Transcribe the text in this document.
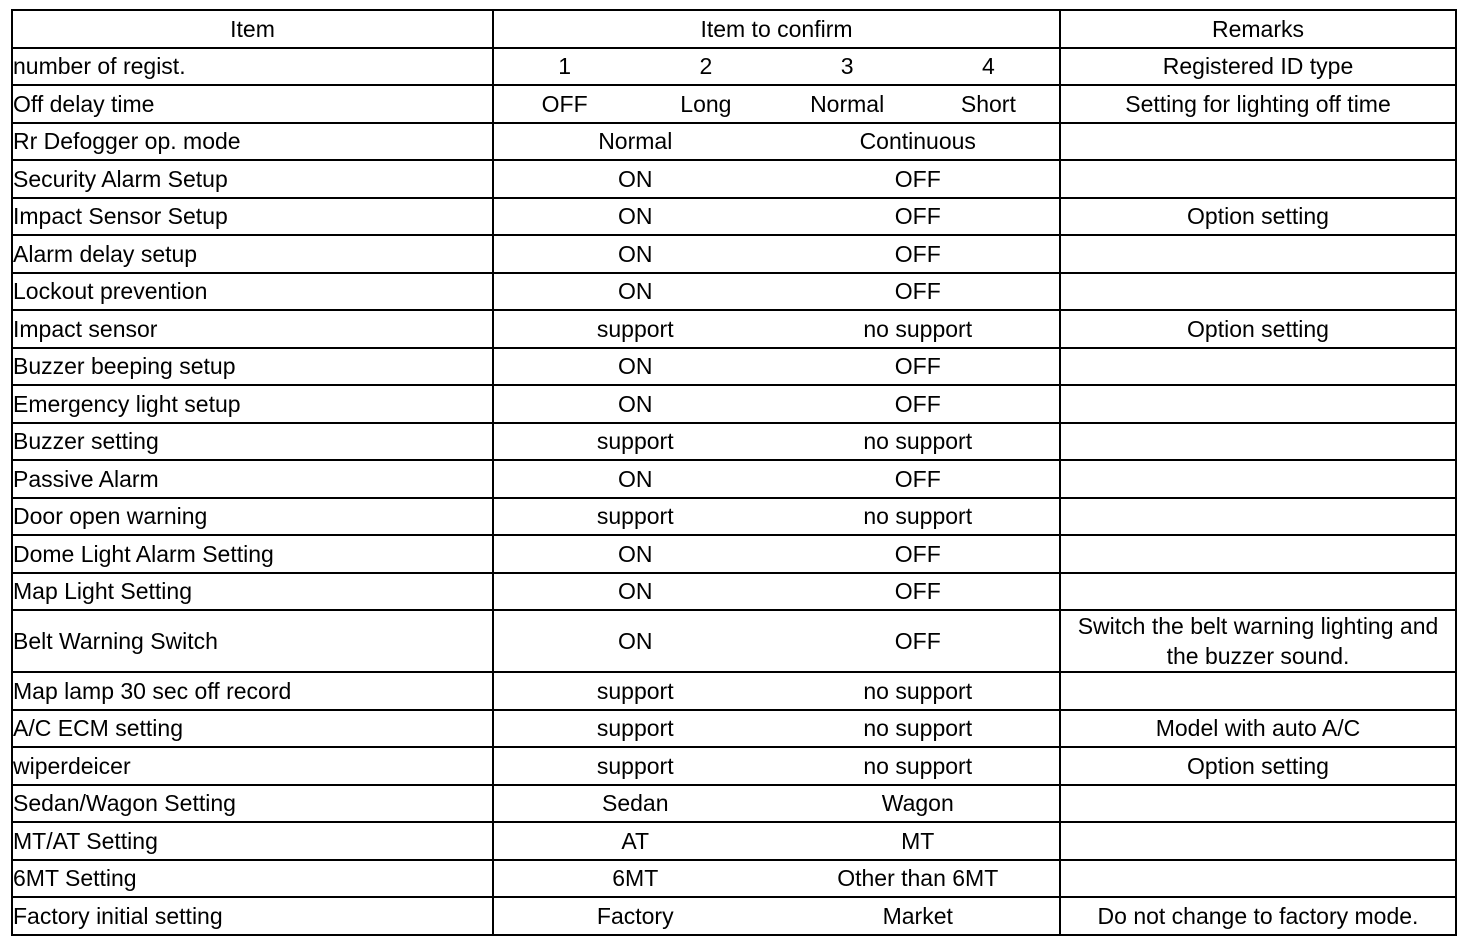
Item	Item to confirm	Remarks
number of regist.	1 2 3 4	Registered ID type
Off delay time	OFF Long Normal Short	Setting for lighting off time
Rr Defogger op. mode	Normal Continuous	

Security Alarm Setup	ON OFF	

Impact Sensor Setup	ON OFF	Option setting
Alarm delay setup	ON OFF	

Lockout prevention	ON OFF	

Impact sensor	support no support	Option setting
Buzzer beeping setup	ON OFF	

Emergency light setup	ON OFF	

Buzzer setting	support no support	

Passive Alarm	ON OFF	

Door open warning	support no support	

Dome Light Alarm Setting	ON OFF	

Map Light Setting	ON OFF	

Belt Warning Switch	ON OFF	Switch the belt warning lighting and the buzzer sound.
Map lamp 30 sec off record	support no support	

A/C ECM setting	support no support	Model with auto A/C
wiperdeicer	support no support	Option setting
Sedan/Wagon Setting	Sedan Wagon	

MT/AT Setting	AT MT	

6MT Setting	6MT Other than 6MT	

Factory initial setting	Factory Market	Do not change to factory mode.
